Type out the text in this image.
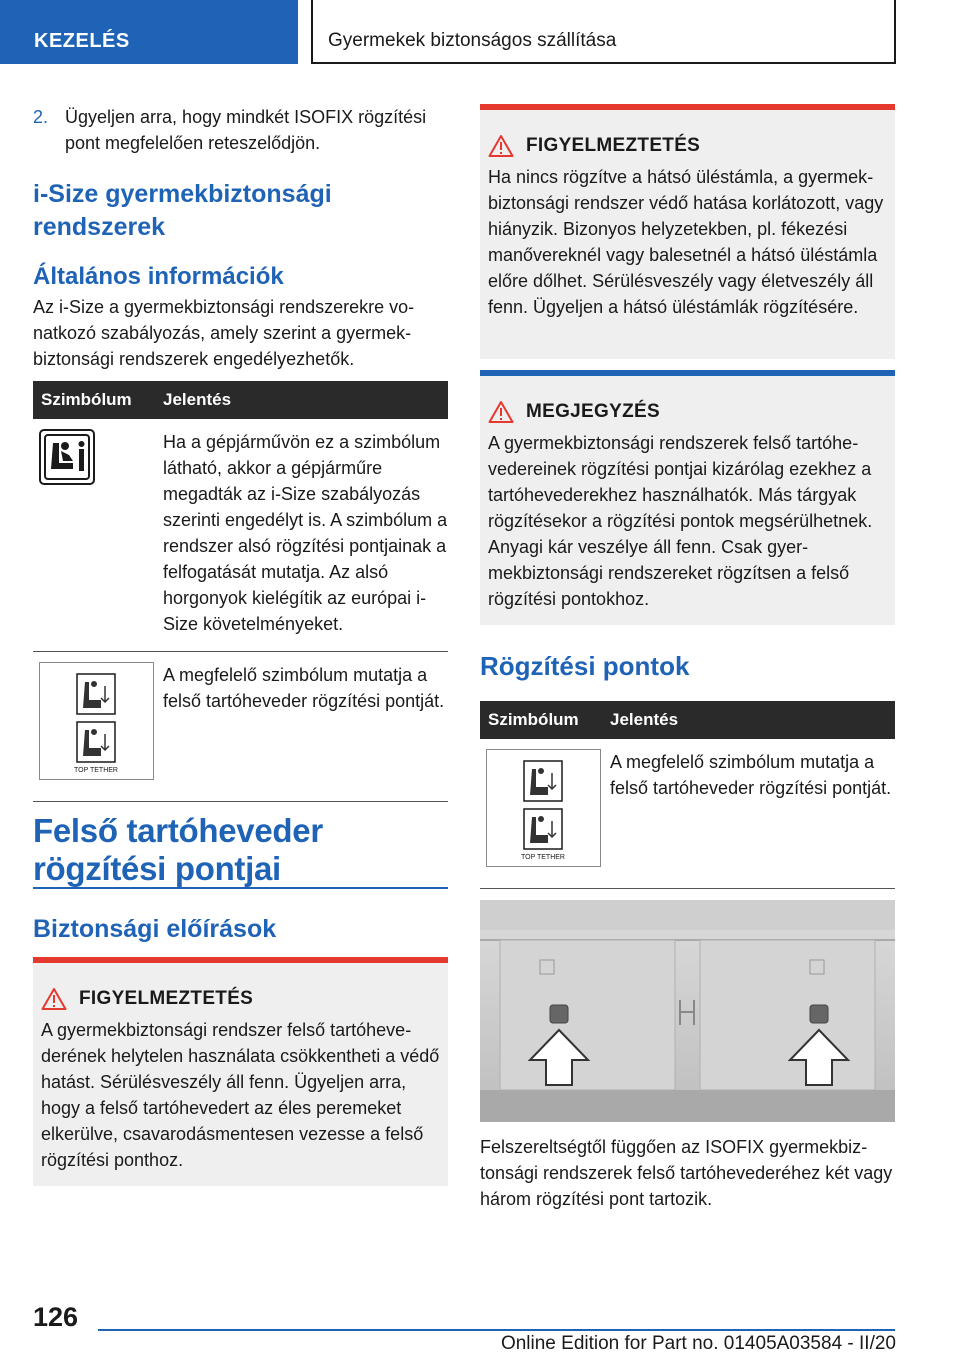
KEZELÉS	Gyermekek biztonságos szállítása
2. Ügyeljen arra, hogy mindkét ISOFIX rögzítési pont megfelelően reteszelődjön.
i-Size gyermekbiztonsági rendszerek
Általános információk

Az i-Size a gyermekbiztonsági rendszerekre vonatkozó szabályozás, amely szerint a gyermekbiztonsági rendszerek engedélyezhetők.

Szimbólum	Jelentés
	Ha a gépjárművön ez a szimbólum látható, akkor a gépjárműre megadták az i-Size szabályozás szerinti engedélyt is. A szimbólum a rendszer alsó rögzítési pontjainak a felfogatását mutatja. Az alsó horgonyok kielégítik az európai i-Size követelményeket.

TOP TETHER	A megfelelő szimbólum mutatja a felső tartóheveder rögzítési pontját.
Felső tartóheveder rögzítési pontjai
Biztonsági előírások
FIGYELMEZTETÉS

A gyermekbiztonsági rendszer felső tartóhevederének helytelen használata csökkentheti a védő hatást. Sérülésveszély áll fenn. Ügyeljen arra, hogy a felső tartóhevedert az éles peremeket elkerülve, csavarodásmentesen vezesse a felső rögzítési ponthoz.

FIGYELMEZTETÉS

Ha nincs rögzítve a hátsó üléstámla, a gyermekbiztonsági rendszer védő hatása korlátozott, vagy hiányzik. Bizonyos helyzetekben, pl. fékezési manővereknél vagy balesetnél a hátsó üléstámla előre dőlhet. Sérülésveszély vagy életveszély áll fenn. Ügyeljen a hátsó üléstámlák rögzítésére.

MEGJEGYZÉS

A gyermekbiztonsági rendszerek felső tartóhevedereinek rögzítési pontjai kizárólag ezekhez a tartóhevederekhez használhatók. Más tárgyak rögzítésekor a rögzítési pontok megsérülhetnek. Anyagi kár veszélye áll fenn. Csak gyermekbiztonsági rendszereket rögzítsen a felső rögzítési pontokhoz.

Rögzítési pontok
Szimbólum	Jelentés

TOP TETHER	A megfelelő szimbólum mutatja a felső tartóheveder rögzítési pontját.

Felszereltségtől függően az ISOFIX gyermekbiztonsági rendszerek felső tartóhevederéhez két vagy három rögzítési pont tartozik.

126
Online Edition for Part no. 01405A03584 - II/20
